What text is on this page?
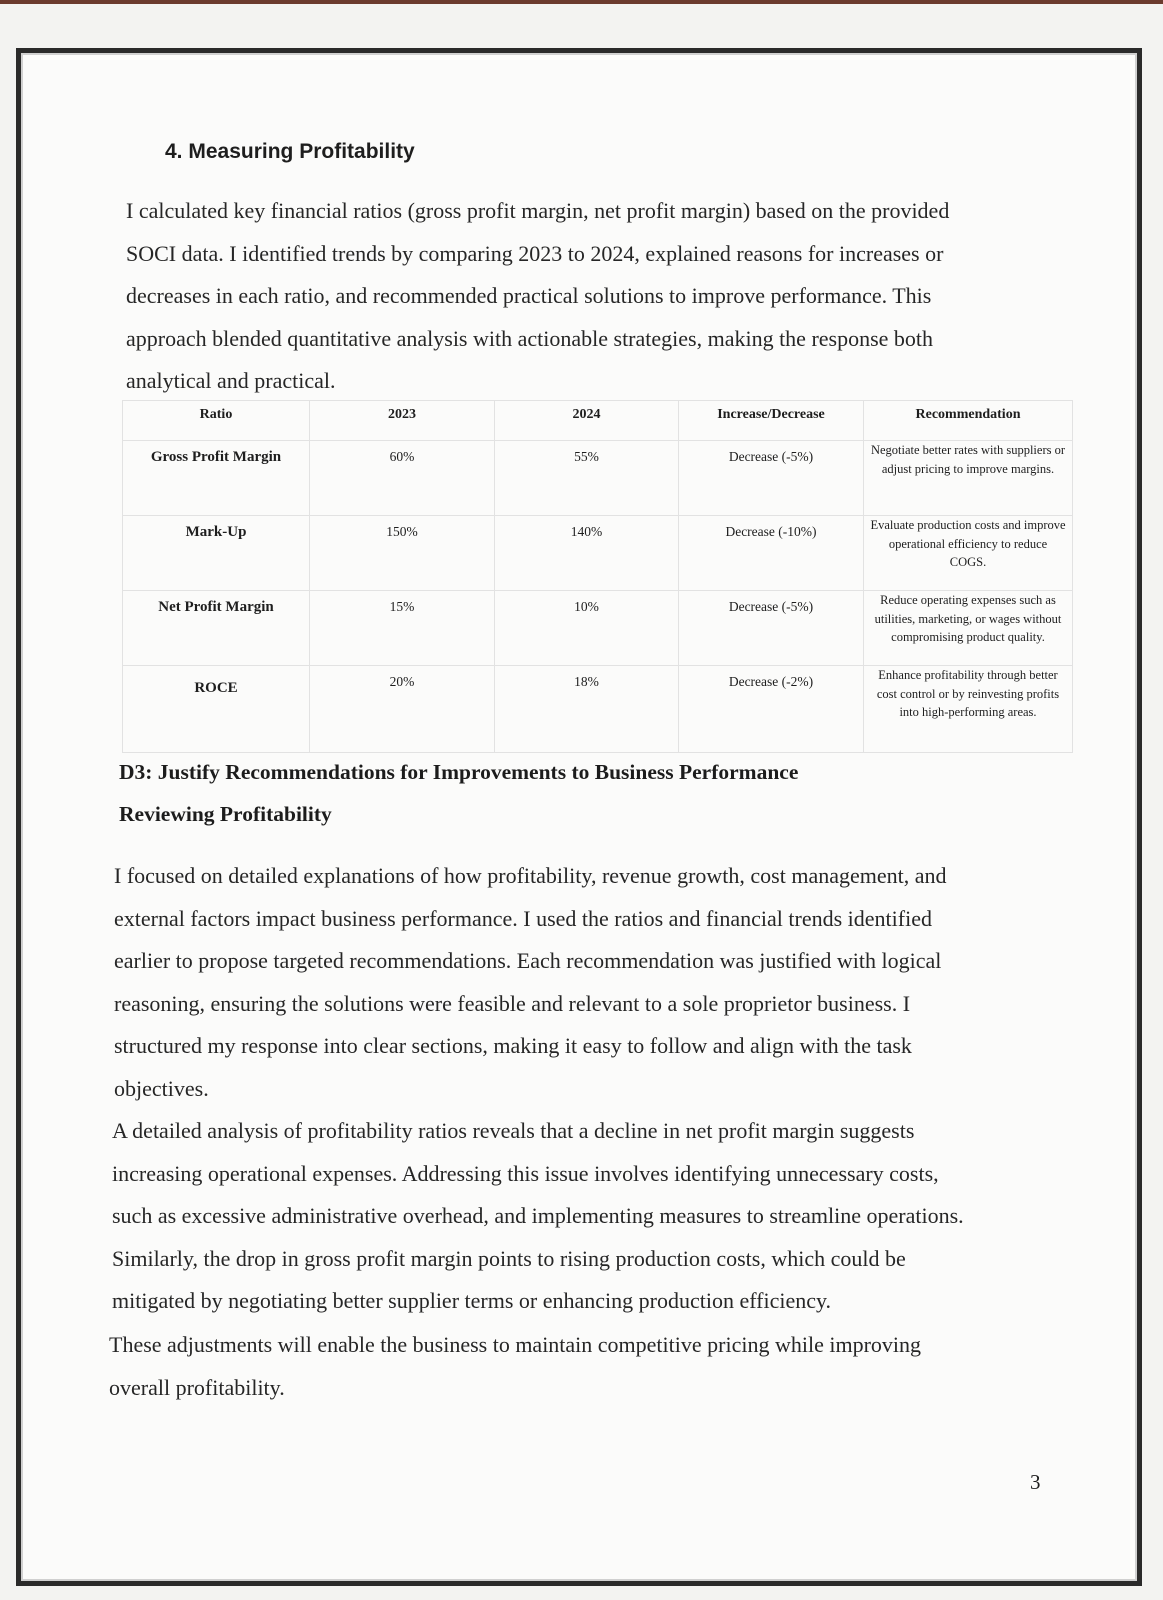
4. Measuring Profitability
I calculated key financial ratios (gross profit margin, net profit margin) based on the provided
SOCI data. I identified trends by comparing 2023 to 2024, explained reasons for increases or
decreases in each ratio, and recommended practical solutions to improve performance. This
approach blended quantitative analysis with actionable strategies, making the response both
analytical and practical.
Ratio	2023	2024	Increase/Decrease	Recommendation
Gross Profit Margin	60%	55%	Decrease (-5%)	Negotiate better rates with suppliers or adjust pricing to improve margins.
Mark-Up	150%	140%	Decrease (-10%)	Evaluate production costs and improve operational efficiency to reduce COGS.
Net Profit Margin	15%	10%	Decrease (-5%)	Reduce operating expenses such as utilities, marketing, or wages without compromising product quality.
ROCE	20%	18%	Decrease (-2%)	Enhance profitability through better cost control or by reinvesting profits into high-performing areas.
D3: Justify Recommendations for Improvements to Business Performance
Reviewing Profitability
I focused on detailed explanations of how profitability, revenue growth, cost management, and
external factors impact business performance. I used the ratios and financial trends identified
earlier to propose targeted recommendations. Each recommendation was justified with logical
reasoning, ensuring the solutions were feasible and relevant to a sole proprietor business. I
structured my response into clear sections, making it easy to follow and align with the task
objectives.
A detailed analysis of profitability ratios reveals that a decline in net profit margin suggests
increasing operational expenses. Addressing this issue involves identifying unnecessary costs,
such as excessive administrative overhead, and implementing measures to streamline operations.
Similarly, the drop in gross profit margin points to rising production costs, which could be
mitigated by negotiating better supplier terms or enhancing production efficiency.
These adjustments will enable the business to maintain competitive pricing while improving
overall profitability.
3
